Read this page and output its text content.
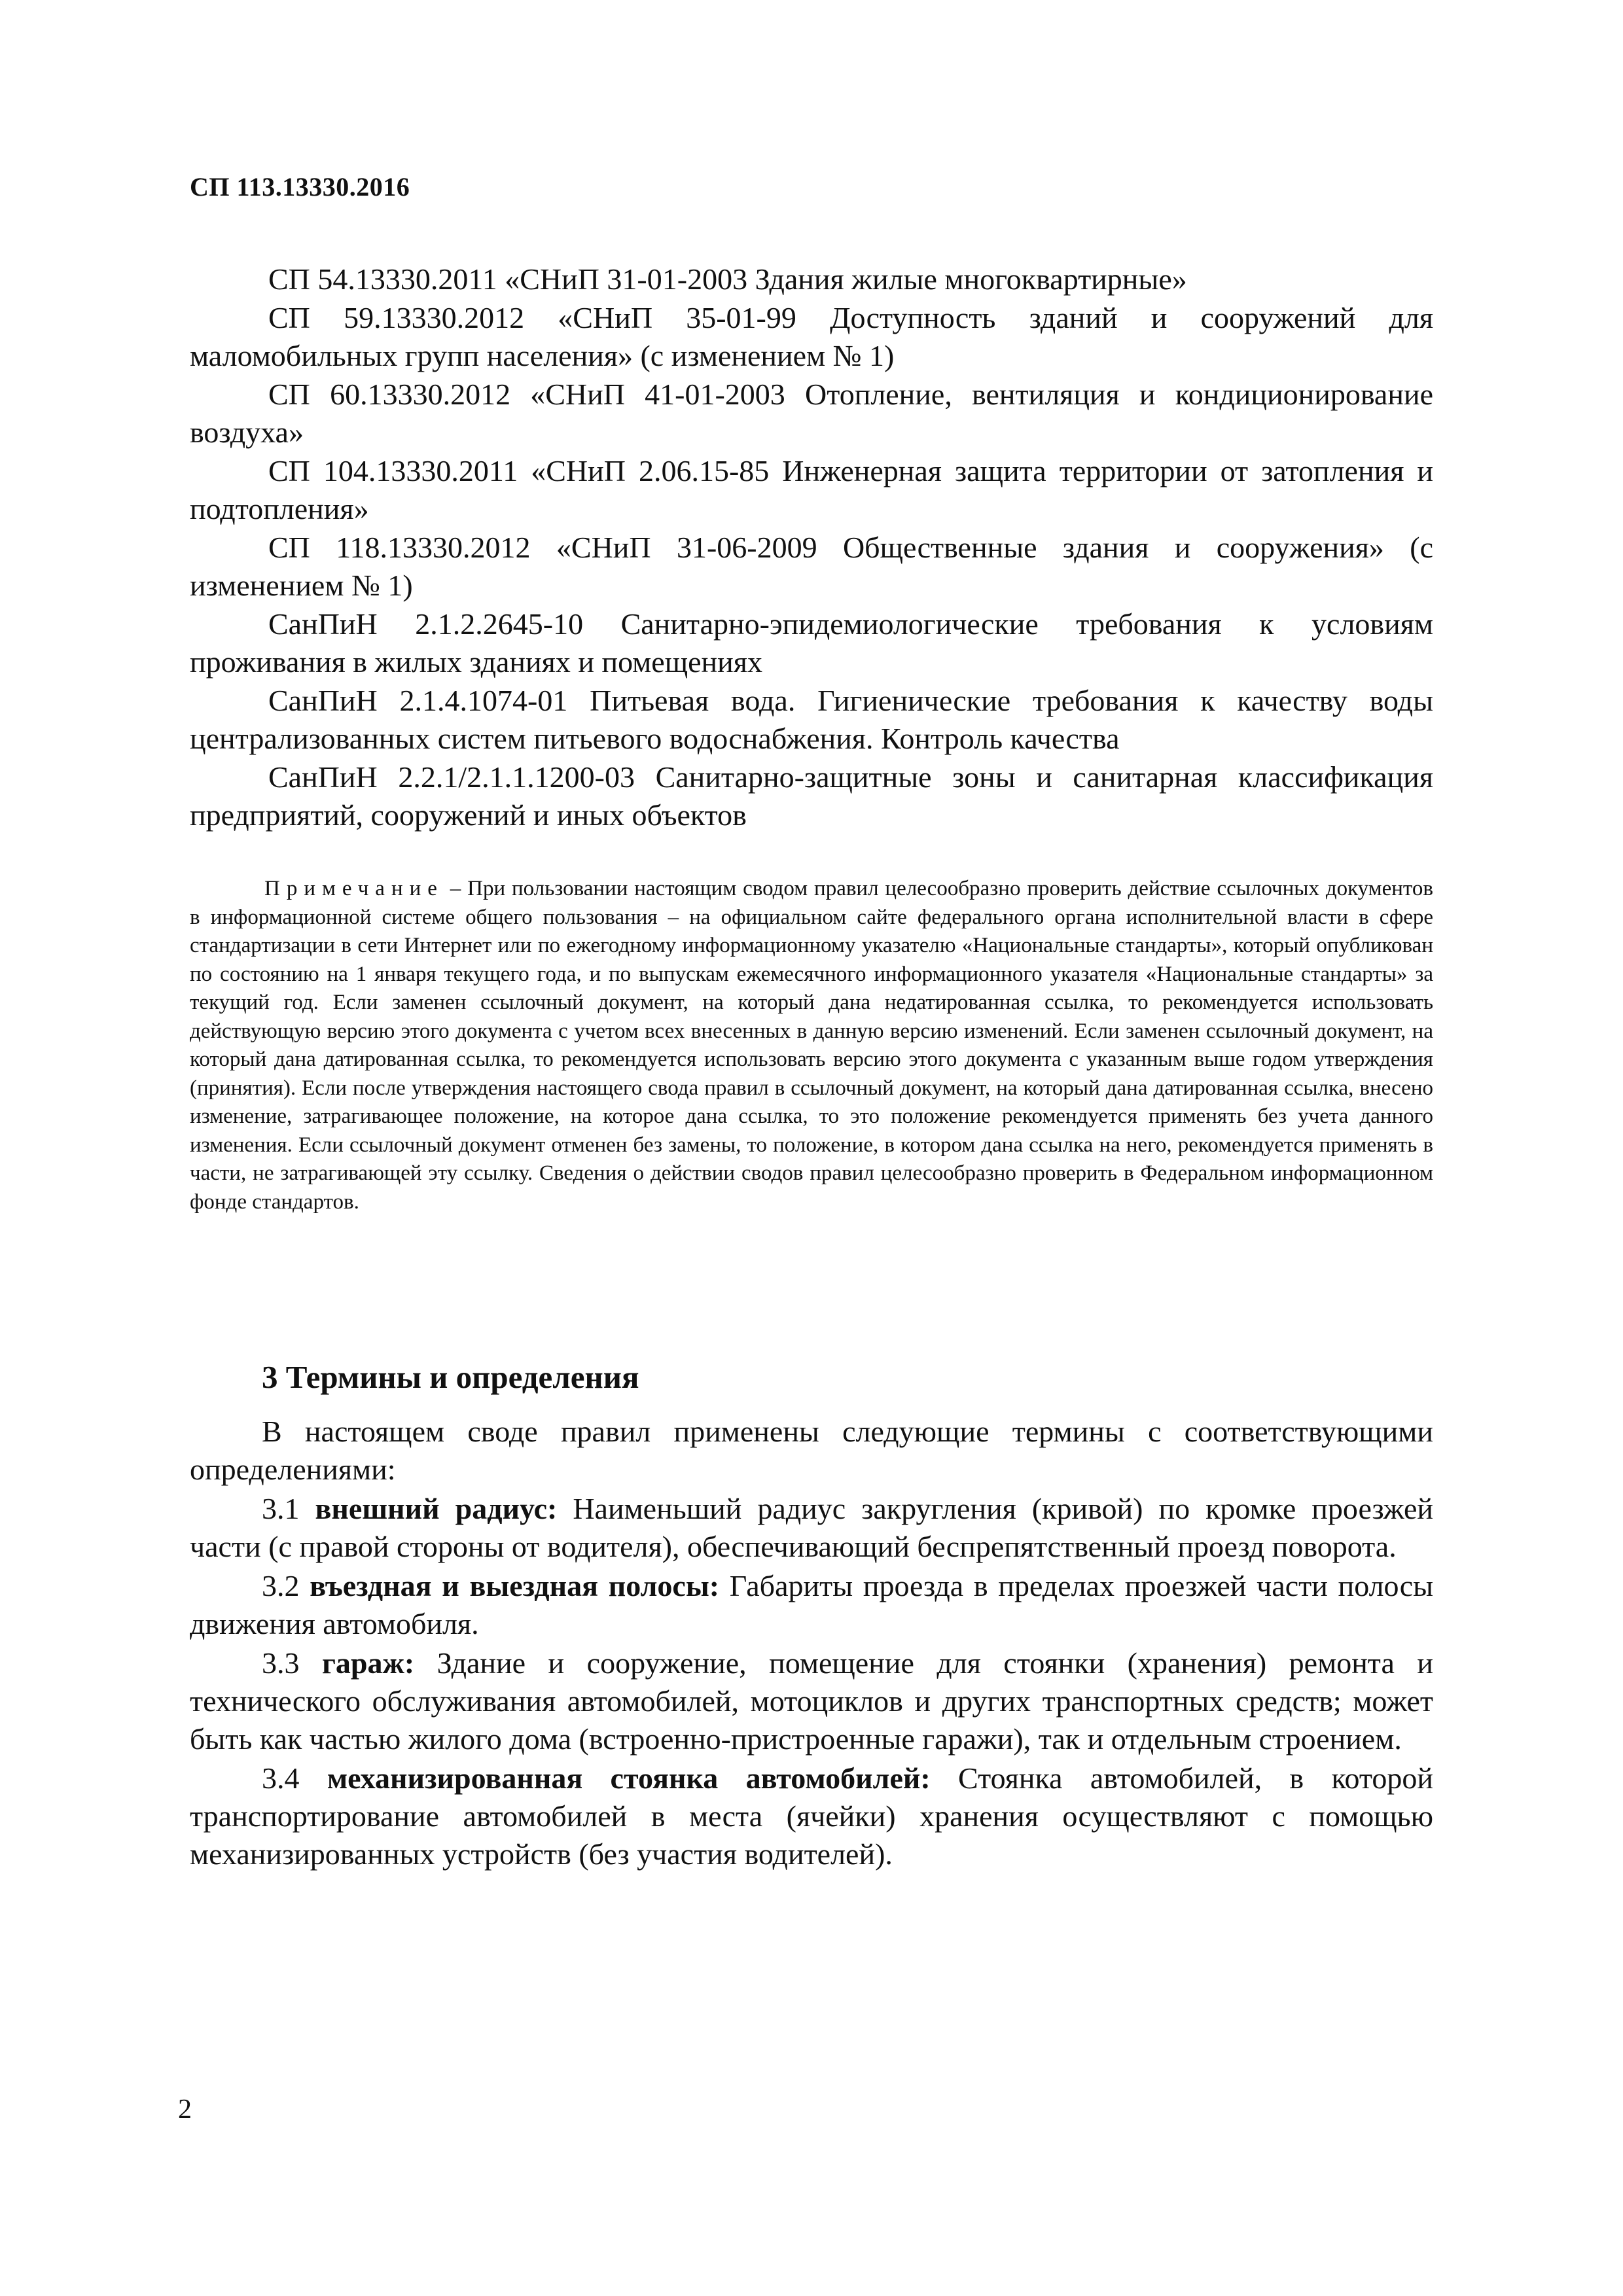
СП 113.13330.2016

СП 54.13330.2011 «СНиП 31-01-2003 Здания жилые многоквартирные»

СП 59.13330.2012 «СНиП 35-01-99 Доступность зданий и сооружений для маломобильных групп населения» (с изменением № 1)

СП 60.13330.2012 «СНиП 41-01-2003 Отопление, вентиляция и кондиционирование воздуха»

СП 104.13330.2011 «СНиП 2.06.15-85 Инженерная защита территории от затопления и подтопления»

СП 118.13330.2012 «СНиП 31-06-2009 Общественные здания и сооружения» (с изменением № 1)

СанПиН 2.1.2.2645-10 Санитарно-эпидемиологические требования к условиям проживания в жилых зданиях и помещениях

СанПиН 2.1.4.1074-01 Питьевая вода. Гигиенические требования к качеству воды централизованных систем питьевого водоснабжения. Контроль качества

СанПиН 2.2.1/2.1.1.1200-03 Санитарно-защитные зоны и санитарная классификация предприятий, сооружений и иных объектов

Примечание – При пользовании настоящим сводом правил целесообразно проверить действие ссылочных документов в информационной системе общего пользования – на официальном сайте федерального органа исполнительной власти в сфере стандартизации в сети Интернет или по ежегодному информационному указателю «Национальные стандарты», который опубликован по состоянию на 1 января текущего года, и по выпускам ежемесячного информационного указателя «Национальные стандарты» за текущий год. Если заменен ссылочный документ, на который дана недатированная ссылка, то рекомендуется использовать действующую версию этого документа с учетом всех внесенных в данную версию изменений. Если заменен ссылочный документ, на который дана датированная ссылка, то рекомендуется использовать версию этого документа с указанным выше годом утверждения (принятия). Если после утверждения настоящего свода правил в ссылочный документ, на который дана датированная ссылка, внесено изменение, затрагивающее положение, на которое дана ссылка, то это положение рекомендуется применять без учета данного изменения. Если ссылочный документ отменен без замены, то положение, в котором дана ссылка на него, рекомендуется применять в части, не затрагивающей эту ссылку. Сведения о действии сводов правил целесообразно проверить в Федеральном информационном фонде стандартов.

3 Термины и определения

В настоящем своде правил применены следующие термины с соответствующими определениями:

3.1 внешний радиус: Наименьший радиус закругления (кривой) по кромке проезжей части (с правой стороны от водителя), обеспечивающий беспрепятственный проезд поворота.

3.2 въездная и выездная полосы: Габариты проезда в пределах проезжей части полосы движения автомобиля.

3.3 гараж: Здание и сооружение, помещение для стоянки (хранения) ремонта и технического обслуживания автомобилей, мотоциклов и других транспортных средств; может быть как частью жилого дома (встроенно-пристроенные гаражи), так и отдельным строением.

3.4 механизированная стоянка автомобилей: Стоянка автомобилей, в которой транспортирование автомобилей в места (ячейки) хранения осуществляют с помощью механизированных устройств (без участия водителей).

2
